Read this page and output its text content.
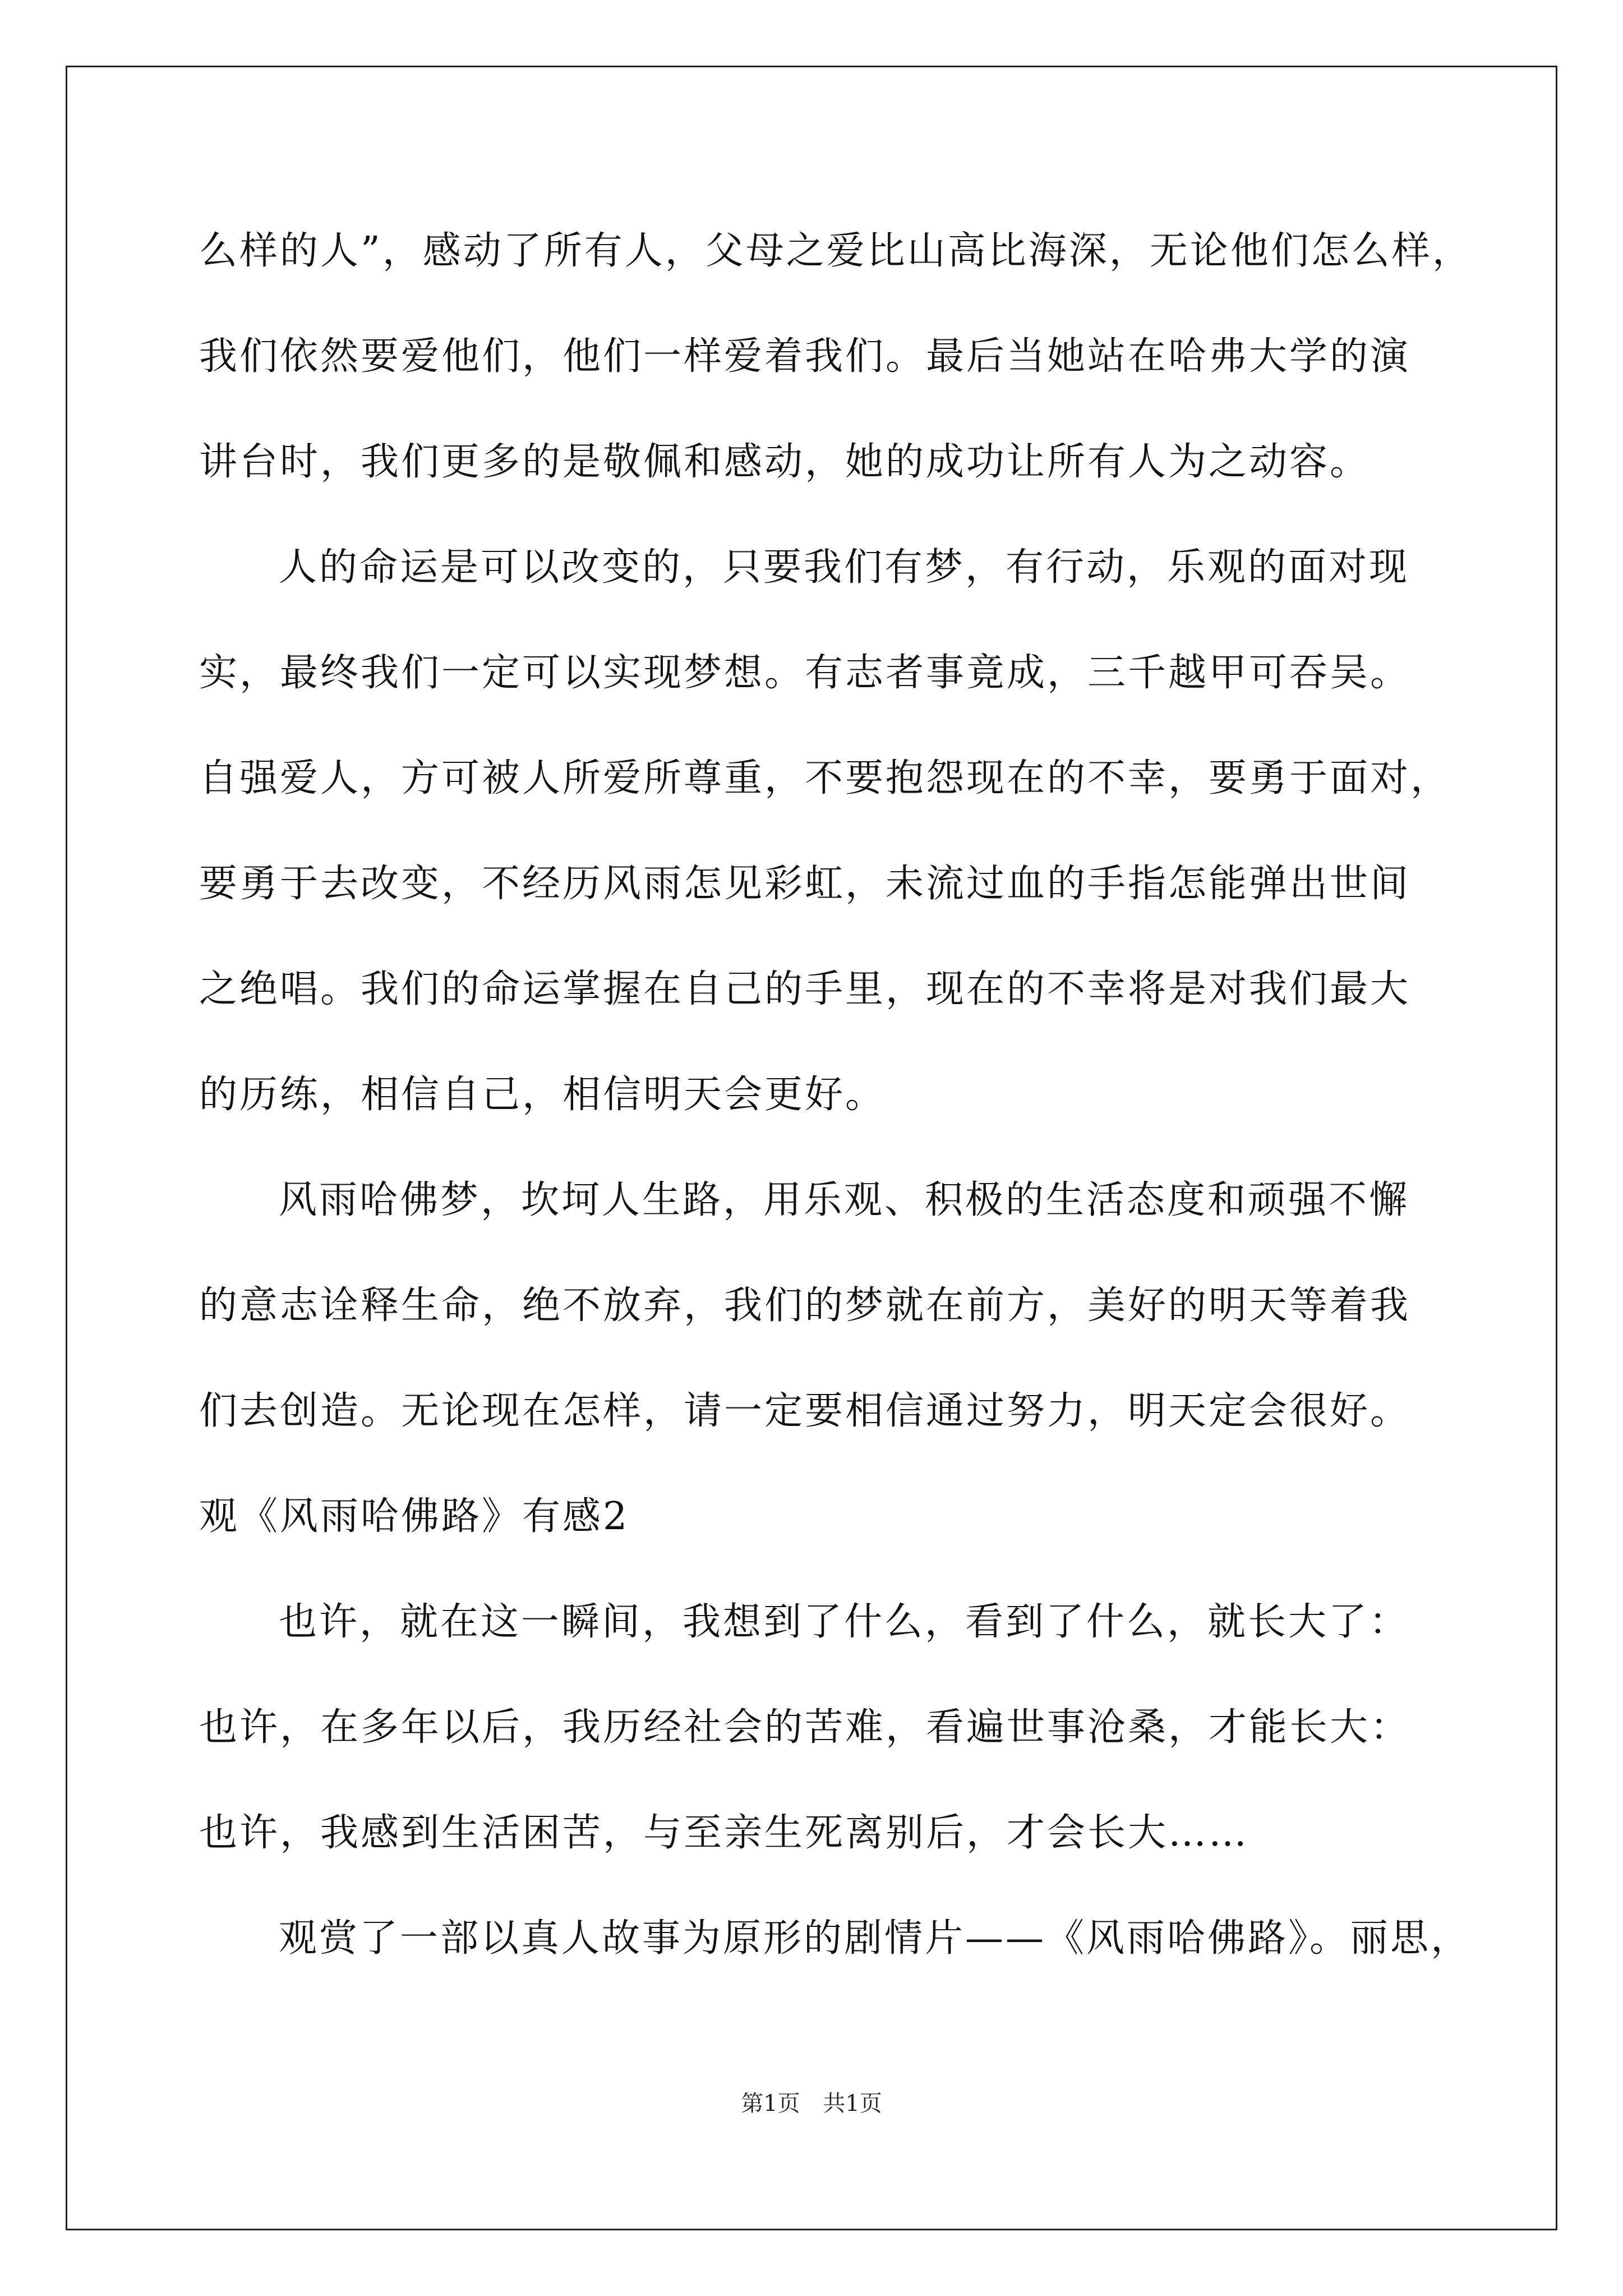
么样的人”，感动了所有人，父母之爱比山高比海深，无论他们怎么样，
我们依然要爱他们，他们一样爱着我们。最后当她站在哈弗大学的演
讲台时，我们更多的是敬佩和感动，她的成功让所有人为之动容。
人的命运是可以改变的，只要我们有梦，有行动，乐观的面对现
实，最终我们一定可以实现梦想。有志者事竟成，三千越甲可吞吴。
自强爱人，方可被人所爱所尊重，不要抱怨现在的不幸，要勇于面对，
要勇于去改变，不经历风雨怎见彩虹，未流过血的手指怎能弹出世间
之绝唱。我们的命运掌握在自己的手里，现在的不幸将是对我们最大
的历练，相信自己，相信明天会更好。
风雨哈佛梦，坎坷人生路，用乐观、积极的生活态度和顽强不懈
的意志诠释生命，绝不放弃，我们的梦就在前方，美好的明天等着我
们去创造。无论现在怎样，请一定要相信通过努力，明天定会很好。
观《风雨哈佛路》有感2
也许，就在这一瞬间，我想到了什么，看到了什么，就长大了：
也许，在多年以后，我历经社会的苦难，看遍世事沧桑，才能长大：
也许，我感到生活困苦，与至亲生死离别后，才会长大……
观赏了一部以真人故事为原形的剧情片——《风雨哈佛路》。丽思，
第1页 共1页
